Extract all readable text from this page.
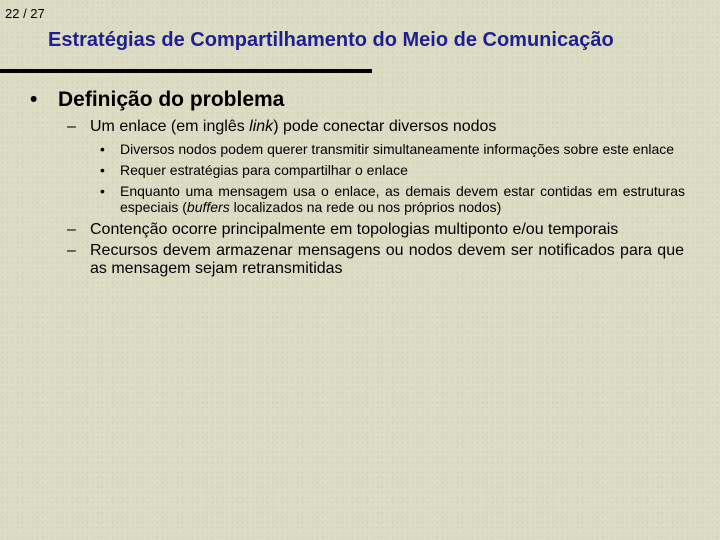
22 / 27
Estratégias de Compartilhamento do Meio de Comunicação
• Definição do problema
– Um enlace (em inglês link) pode conectar diversos nodos
•	Diversos nodos podem querer transmitir simultaneamente informações sobre este enlace
•	Requer estratégias para compartilhar o enlace
•	Enquanto uma mensagem usa o enlace, as demais devem estar contidas em estruturas especiais (buffers localizados na rede ou nos próprios nodos)
– Contenção ocorre principalmente em topologias multiponto e/ou temporais
– Recursos devem armazenar mensagens ou nodos devem ser notificados para que as mensagem sejam retransmitidas
